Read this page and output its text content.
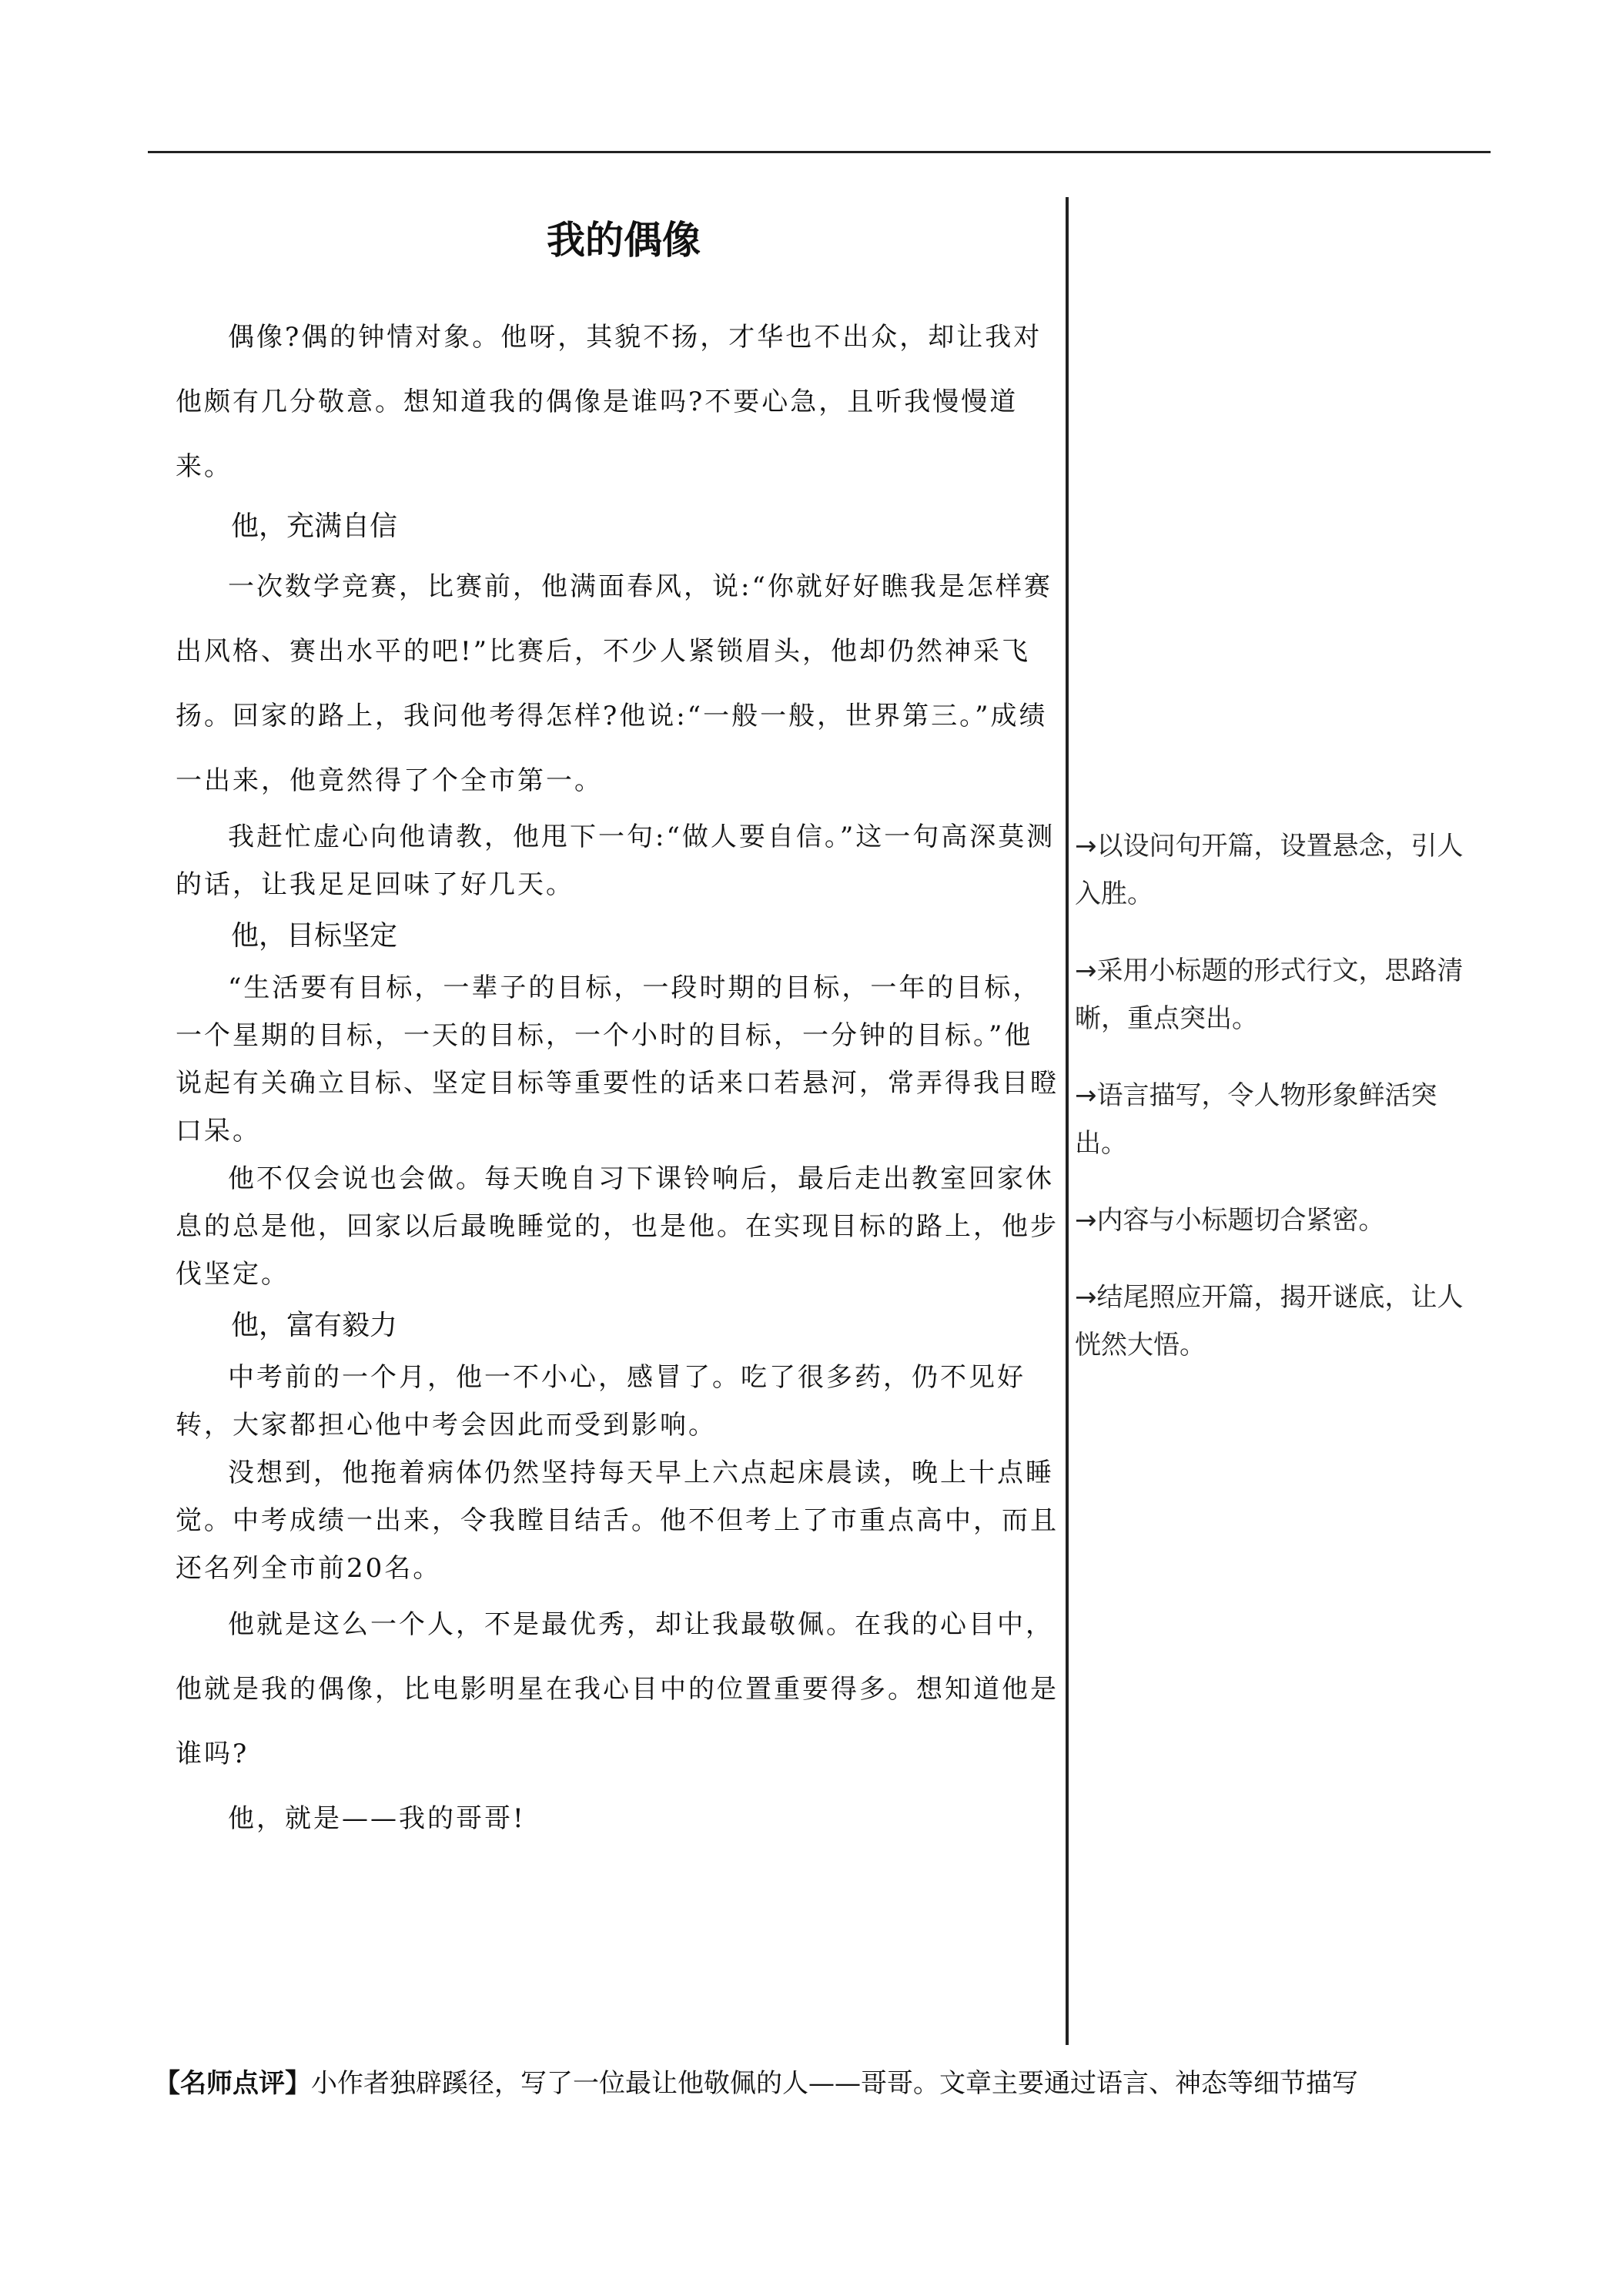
我的偶像

偶像?偶的钟情对象。他呀，其貌不扬，才华也不出众，却让我对他颇有几分敬意。想知道我的偶像是谁吗?不要心急，且听我慢慢道来。

他，充满自信

一次数学竞赛，比赛前，他满面春风，说:“你就好好瞧我是怎样赛出风格、赛出水平的吧!”比赛后，不少人紧锁眉头，他却仍然神采飞扬。回家的路上，我问他考得怎样?他说:“一般一般，世界第三。”成绩一出来，他竟然得了个全市第一。

我赶忙虚心向他请教，他甩下一句:“做人要自信。”这一句高深莫测的话，让我足足回味了好几天。

他，目标坚定

“生活要有目标，一辈子的目标，一段时期的目标，一年的目标，一个星期的目标，一天的目标，一个小时的目标，一分钟的目标。”他说起有关确立目标、坚定目标等重要性的话来口若悬河，常弄得我目瞪口呆。

他不仅会说也会做。每天晚自习下课铃响后，最后走出教室回家休息的总是他，回家以后最晚睡觉的，也是他。在实现目标的路上，他步伐坚定。

他，富有毅力

中考前的一个月，他一不小心，感冒了。吃了很多药，仍不见好转，大家都担心他中考会因此而受到影响。

没想到，他拖着病体仍然坚持每天早上六点起床晨读，晚上十点睡觉。中考成绩一出来，令我瞠目结舌。他不但考上了市重点高中，而且还名列全市前20名。

他就是这么一个人，不是最优秀，却让我最敬佩。在我的心目中，他就是我的偶像，比电影明星在我心目中的位置重要得多。想知道他是谁吗?

他，就是——我的哥哥!

→以设问句开篇，设置悬念，引人入胜。

→采用小标题的形式行文，思路清晰，重点突出。

→语言描写，令人物形象鲜活突出。

→内容与小标题切合紧密。

→结尾照应开篇，揭开谜底，让人恍然大悟。

【名师点评】小作者独辟蹊径，写了一位最让他敬佩的人——哥哥。文章主要通过语言、神态等细节描写
